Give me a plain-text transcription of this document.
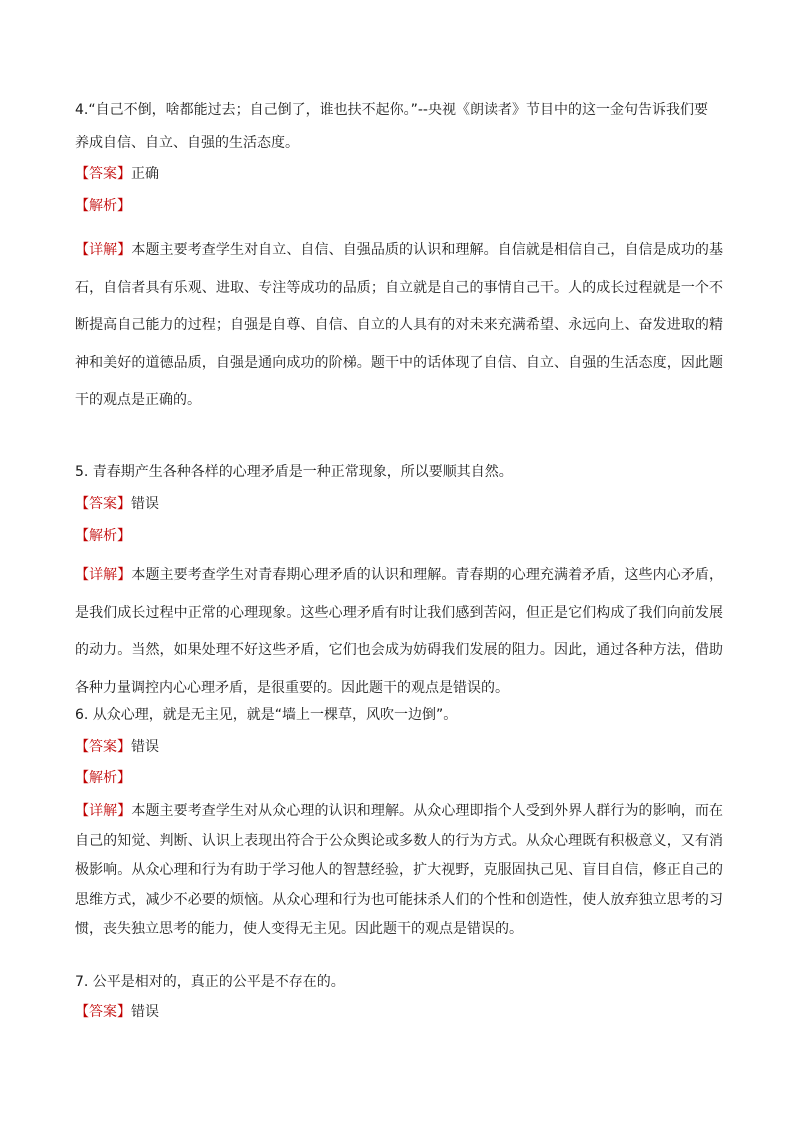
4.“自己不倒，啥都能过去；自己倒了，谁也扶不起你。”--央视《朗读者》节目中的这一金句告诉我们要
养成自信、自立、自强的生活态度。
【答案】正确
【解析】
【详解】本题主要考查学生对自立、自信、自强品质的认识和理解。自信就是相信自己，自信是成功的基石，自信者具有乐观、进取、专注等成功的品质；自立就是自己的事情自己干。人的成长过程就是一个不断提高自己能力的过程；自强是自尊、自信、自立的人具有的对未来充满希望、永远向上、奋发进取的精神和美好的道德品质，自强是通向成功的阶梯。题干中的话体现了自信、自立、自强的生活态度，因此题干的观点是正确的。
5. 青春期产生各种各样的心理矛盾是一种正常现象，所以要顺其自然。
【答案】错误
【解析】
【详解】本题主要考查学生对青春期心理矛盾的认识和理解。青春期的心理充满着矛盾，这些内心矛盾，是我们成长过程中正常的心理现象。这些心理矛盾有时让我们感到苦闷，但正是它们构成了我们向前发展的动力。当然，如果处理不好这些矛盾，它们也会成为妨碍我们发展的阻力。因此，通过各种方法，借助各种力量调控内心心理矛盾，是很重要的。因此题干的观点是错误的。
6. 从众心理，就是无主见，就是“墙上一棵草，风吹一边倒”。
【答案】错误
【解析】
【详解】本题主要考查学生对从众心理的认识和理解。从众心理即指个人受到外界人群行为的影响，而在自己的知觉、判断、认识上表现出符合于公众舆论或多数人的行为方式。从众心理既有积极意义，又有消极影响。从众心理和行为有助于学习他人的智慧经验，扩大视野，克服固执己见、盲目自信，修正自己的思维方式，减少不必要的烦恼。从众心理和行为也可能抹杀人们的个性和创造性，使人放弃独立思考的习惯，丧失独立思考的能力，使人变得无主见。因此题干的观点是错误的。
7. 公平是相对的，真正的公平是不存在的。
【答案】错误
